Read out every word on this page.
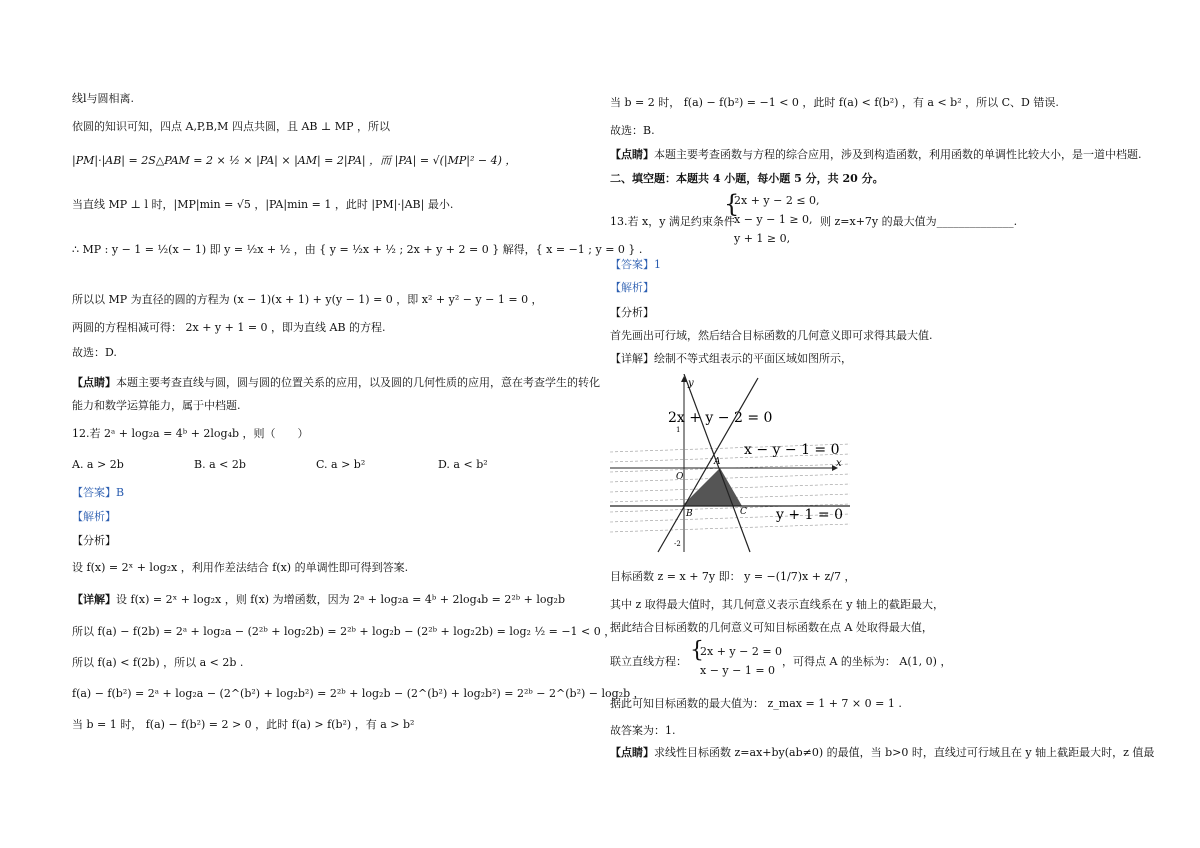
线l与圆相离.
依圆的知识可知，四点 A,P,B,M 四点共圆，且 AB ⊥ MP ，所以
|PM|·|AB| = 2S△PAM = 2 × ½ × |PA| × |AM| = 2|PA| ，而 |PA| = √(|MP|² − 4) ，
当直线 MP ⊥ l 时，|MP|min = √5 ，|PA|min = 1 ，此时 |PM|·|AB| 最小.
∴ MP : y − 1 = ½(x − 1) 即 y = ½x + ½ ，由 { y = ½x + ½ ; 2x + y + 2 = 0 } 解得，{ x = −1 ; y = 0 } .
所以以 MP 为直径的圆的方程为 (x − 1)(x + 1) + y(y − 1) = 0 ，即 x² + y² − y − 1 = 0 ，
两圆的方程相减可得： 2x + y + 1 = 0 ，即为直线 AB 的方程.
故选：D.
【点睛】本题主要考查直线与圆，圆与圆的位置关系的应用，以及圆的几何性质的应用，意在考查学生的转化
能力和数学运算能力，属于中档题.
12.若 2ᵃ + log₂a = 4ᵇ + 2log₄b ，则（　　）
A. a > 2b	B. a < 2b	C. a > b²	D. a < b²
【答案】B
【解析】
【分析】
设 f(x) = 2ˣ + log₂x ，利用作差法结合 f(x) 的单调性即可得到答案.
【详解】设 f(x) = 2ˣ + log₂x ，则 f(x) 为增函数，因为 2ᵃ + log₂a = 4ᵇ + 2log₄b = 2²ᵇ + log₂b
所以 f(a) − f(2b) = 2ᵃ + log₂a − (2²ᵇ + log₂2b) = 2²ᵇ + log₂b − (2²ᵇ + log₂2b) = log₂ ½ = −1 < 0 ，
所以 f(a) < f(2b) ，所以 a < 2b .
f(a) − f(b²) = 2ᵃ + log₂a − (2^(b²) + log₂b²) = 2²ᵇ + log₂b − (2^(b²) + log₂b²) = 2²ᵇ − 2^(b²) − log₂b ，
当 b = 1 时， f(a) − f(b²) = 2 > 0 ，此时 f(a) > f(b²) ，有 a > b²
当 b = 2 时， f(a) − f(b²) = −1 < 0 ，此时 f(a) < f(b²) ，有 a < b² ，所以 C、D 错误.
故选：B.
【点睛】本题主要考查函数与方程的综合应用，涉及到构造函数，利用函数的单调性比较大小，是一道中档题.
二、填空题：本题共 4 小题，每小题 5 分，共 20 分。
13.若 x，y 满足约束条件
{
2x + y − 2 ≤ 0,
x − y − 1 ≥ 0,
y + 1 ≥ 0,
则 z=x+7y 的最大值为______________.
【答案】1
【解析】
【分析】
首先画出可行域，然后结合目标函数的几何意义即可求得其最大值.
【详解】绘制不等式组表示的平面区域如图所示，
2x + y − 2 = 0
x − y − 1 = 0
y + 1 = 0
x
y
O
A
B	C
1
-2
目标函数 z = x + 7y 即： y = −(1/7)x + z/7 ，
其中 z 取得最大值时，其几何意义表示直线系在 y 轴上的截距最大，
据此结合目标函数的几何意义可知目标函数在点 A 处取得最大值，
联立直线方程： {
2x + y − 2 = 0
x − y − 1 = 0
，可得点 A 的坐标为： A(1, 0) ，
据此可知目标函数的最大值为： z_max = 1 + 7 × 0 = 1 .
故答案为：1.
【点睛】求线性目标函数 z=ax+by(ab≠0) 的最值，当 b>0 时，直线过可行域且在 y 轴上截距最大时，z 值最
